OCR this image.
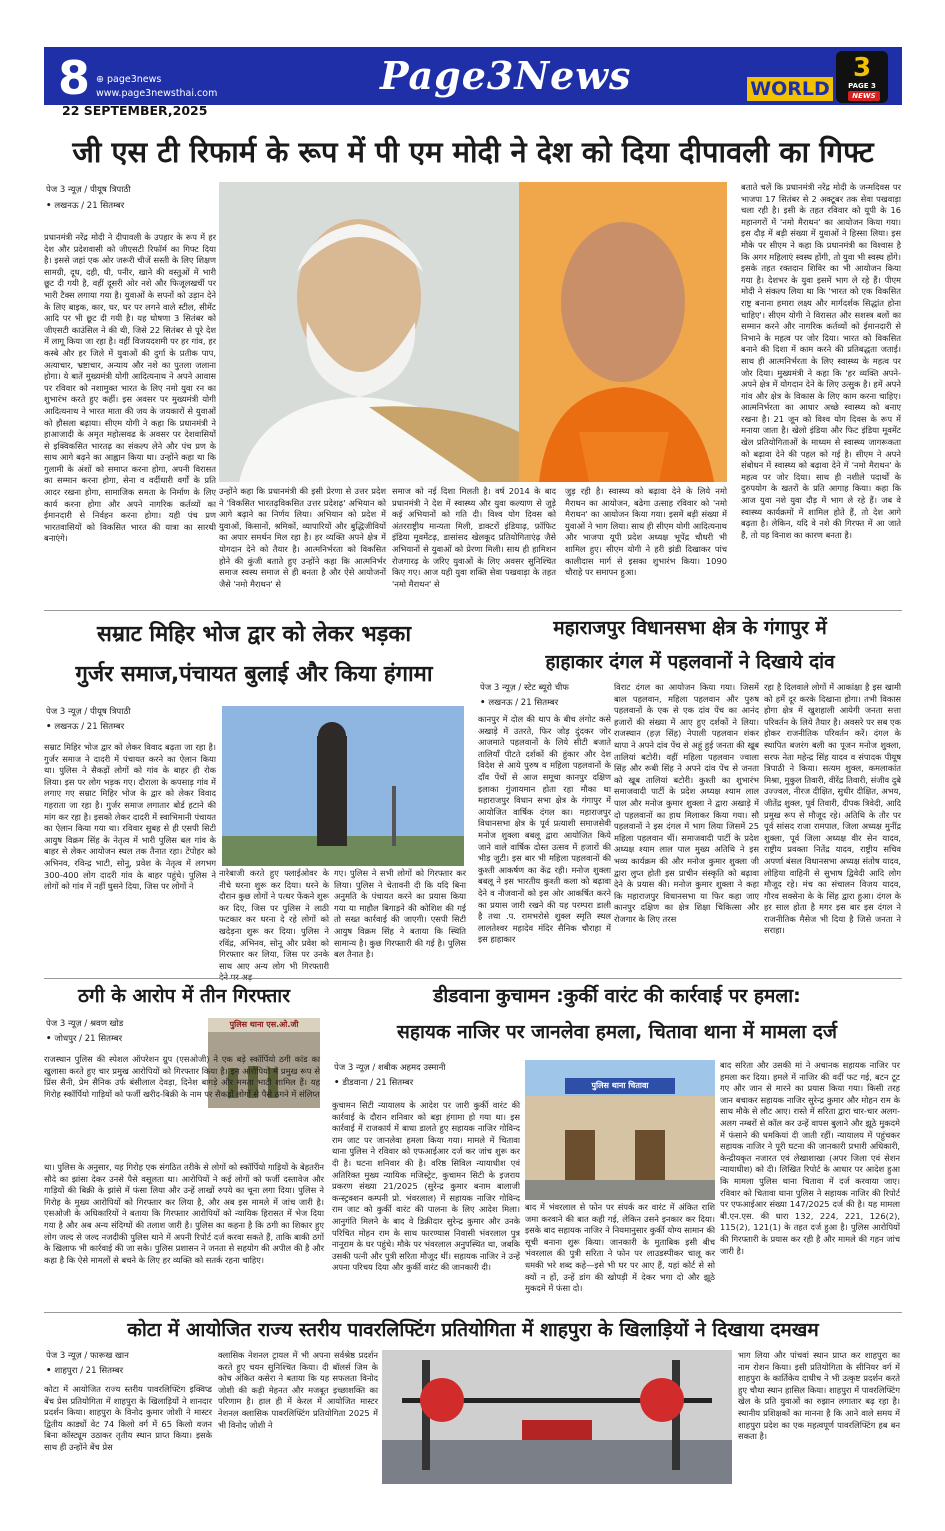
8 ⊕ page3news
www.page3newsthai.com
22 SEPTEMBER,2025
Page3News	WORLD
3
PAGE 3
NEWS
जी एस टी रिफार्म के रूप में पी एम मोदी ने देश को दिया दीपावली का गिफ्ट
पेज 3 न्यूज़ / पीयूष त्रिपाठी
• लखनऊ / 21 सितम्बर
प्रधानमंत्री नरेंद्र मोदी ने दीपावली के उपहार के रूप में हर देश और प्रदेशवासी को जीएसटी रिफॉर्म का गिफ्ट दिया है। इससे जहां एक ओर जरूरी चीजें सस्ती के लिए शिक्षण सामग्री, दूध, दही, घी, पनीर, खाने की वस्तुओं में भारी छूट दी गयी है, वहीं दूसरी ओर नशे और फिजूलखर्ची पर भारी टैक्स लगाया गया है। युवाओं के सपनों को उड़ान देने के लिए बाइक, कार, घर, घर पर लगने वाले स्टील, सीमेंट आदि पर भी छूट दी गयी है। यह घोषणा 3 सितंबर को जीएसटी काउंसिल ने की थी, जिसे 22 सितंबर से पूरे देश में लागू किया जा रहा है। वहीं विजयदशमी पर हर गांव, हर कस्बे और हर जिले में युवाओं की दुर्गा के प्रतीक पाप, अत्याचार, भ्रष्टाचार, अन्याय और नशे का पुतला जलाना होगा। ये बातें मुख्यमंत्री योगी आदित्यनाथ ने अपने आवास पर रविवार को नशामुक्त भारत के लिए नमो युवा रन का शुभारंभ करते हुए कहीं। इस अवसर पर मुख्यमंत्री योगी आदित्यनाथ ने भारत माता की जय के जयकारों से युवाओं को हौसला बढ़ाया। सीएम योगी ने कहा कि प्रधानमंत्री ने हाआजादी के अमृत महोत्सवढ के अवसर पर देशवासियों से इक्विकसित भारतढ़ का संकल्प लेने और पंच प्रण के साथ आगे बढ़ने का आह्वान किया था। उन्होंने कहा था कि गुलामी के अंशों को समाप्त करना होगा, अपनी विरासत का सम्मान करना होगा, सेना व वर्दीधारी वर्गों के प्रति आदर रखना होगा, सामाजिक समता के निर्माण के लिए कार्य करना होगा और अपने नागरिक कर्तव्यों का ईमानदारी से निर्वहन करना होगा। यही पंच प्रण भारतवासियों को विकसित भारत की यात्रा का सारथी बनाएंगे।
उन्होंने कहा कि प्रधानमंत्री की इसी प्रेरणा से उत्तर प्रदेश ने 'विकसित भारतढ़विकसित उत्तर प्रदेशढ़' अभियान को आगे बढ़ाने का निर्णय लिया। अभियान को प्रदेश में युवाओं, किसानों, श्रमिकों, व्यापारियों और बुद्धिजीवियों का अपार समर्थन मिल रहा है। हर व्यक्ति अपने क्षेत्र में योगदान देने को तैयार है। आत्मनिर्भरता को विकसित होने की कुंजी बताते हुए उन्होंने कहा कि आत्मनिर्भर समाज स्वस्थ समाज से ही बनता है और ऐसे आयोजनों जैसे 'नमो मैराथन' से
समाज को नई दिशा मिलती है। वर्ष 2014 के बाद प्रधानमंत्री ने देश में स्वास्थ्य और युवा कल्याण से जुड़े कई अभियानों को गति दी। विश्व योग दिवस को अंतरराष्ट्रीय मान्यता मिली, डाक्टरों इंडियाढ़, फ़ॉफिट इंडिया मूवमेंटढ़, डासांसद खेलकूद प्रतियोगिताएंढ़ जैसे अभियानों से युवाओं को प्रेरणा मिली। साथ ही हामिशन रोजगारढ़ के जरिए युवाओं के लिए अवसर सुनिश्चित किए गए। आज यही युवा शक्ति सेवा पखवाड़ा के तहत 'नमो मैराथन' से
जुड़ रही है। स्वास्थ्य को बढ़ावा देने के लिये नमो मैराथन का आयोजन, बढेगा उत्साह रविवार को 'नमो मैराथन' का आयोजन किया गया। इसमें बड़ी संख्या में युवाओं ने भाग लिया। साथ ही सीएम योगी आदित्यनाथ और भाजपा यूपी प्रदेश अध्यक्ष भूपेंद्र चौधरी भी शामिल हुए। सीएम योगी ने हरी झंडी दिखाकर पांच कालीदास मार्ग से इसका शुभारंभ किया। 1090 चौराहे पर समापन हुआ।
बताते चलें कि प्रधानमंत्री नरेंद्र मोदी के जन्मदिवस पर भाजपा 17 सितंबर से 2 अक्टूबर तक सेवा पखवाड़ा चला रही है। इसी के तहत रविवार को यूपी के 16 महानगरों में 'नमो मैराथन' का आयोजन किया गया। इस दौड़ में बड़ी संख्या में युवाओं ने हिस्सा लिया। इस मौके पर सीएम ने कहा कि प्रधानमंत्री का विश्वास है कि अगर महिलाएं स्वस्थ होंगी, तो युवा भी स्वस्थ होंगे। इसके तहत रक्तदान शिविर का भी आयोजन किया गया है। देशभर के युवा इसमें भाग ले रहे हैं। पीएम मोदी ने संकल्प लिया था कि 'भारत को एक विकसित राष्ट्र बनाना हमारा लक्ष्य और मार्गदर्शक सिद्धांत होना चाहिए'। सीएम योगी ने विरासत और सशस्त्र बलों का सम्मान करने और नागरिक कर्तव्यों को ईमानदारी से निभाने के महत्व पर जोर दिया। भारत को विकसित बनाने की दिशा में काम करने की प्रतिबद्धता जताई। साथ ही आत्मनिर्भरता के लिए स्वास्थ्य के महत्व पर जोर दिया। मुख्यमंत्री ने कहा कि 'हर व्यक्ति अपने-अपने क्षेत्र में योगदान देने के लिए उत्सुक है। हमें अपने गांव और क्षेत्र के विकास के लिए काम करना चाहिए। आत्मनिर्भरता का आधार अच्छे स्वास्थ्य को बनाए रखना है। 21 जून को विश्व योग दिवस के रूप में मनाया जाता है। खेलो इंडिया और फिट इंडिया मूवमेंट खेल प्रतियोगिताओं के माध्यम से स्वास्थ्य जागरूकता को बढ़ावा देने की पहल को गई है। सीएम ने अपने संबोधन में स्वास्थ्य को बढ़ावा देने में 'नमो मैराथन' के महत्व पर जोर दिया। साथ ही नशीले पदार्थों के दुरुपयोग के खतरों के प्रति आगाह किया। कहा कि आज युवा नशे युवा दौड़ में भाग ले रहे हैं। जब वे स्वास्थ्य कार्यक्रमों में शामिल होते हैं, तो देश आगे बढ़ता है। लेकिन, यदि वे नशे की गिरफ्त में आ जाते हैं, तो यह विनाश का कारण बनता है।
सम्राट मिहिर भोज द्वार को लेकर भड़का
गुर्जर समाज,पंचायत बुलाई और किया हंगामा
पेज 3 न्यूज़ / पीयूष त्रिपाठी
• लखनऊ / 21 सितम्बर
सम्राट मिहिर भोज द्वार को लेकर विवाद बढ़ता जा रहा है। गुर्जर समाज ने दादरी में पंचायत करने का ऐलान किया था। पुलिस ने सैकड़ों लोगों को गांव के बाहर ही रोक लिया। इस पर लोग भड़क गए। दौराला के कपसाड़ गांव में लगाए गए सम्राट मिहिर भोज के द्वार को लेकर विवाद गहराता जा रहा है। गुर्जर समाज लगातार बोर्ड हटाने की मांग कर रहा है। इसको लेकर दादरी में स्वाभिमानी पंचायत का ऐलान किया गया था। रविवार सुबह से ही एसपी सिटी आयुष विक्रम सिंह के नेतृत्व में भारी पुलिस बल गांव के बाहर से लेकर आयोजन स्थल तक तैनात रहा। टेंपोहर को अभिनव, रविन्द्र भाटी, सोनू, प्रवेश के नेतृत्व में लगभग 300-400 लोग दादरी गांव के बाहर पहुंचे। पुलिस ने लोगों को गांव में नहीं घुसने दिया, जिस पर लोगों ने
नारेबाजी करते हुए फ्लाईओवर के नीचे धरना शुरू कर दिया। धरने के दौरान कुछ लोगों ने पत्थर फेंकने शुरू कर दिए, जिस पर पुलिस ने लाठी फटकार कर धरना दे रहे लोगों को खदेड़ना शुरू कर दिया। पुलिस ने रविंद्र, अभिनव, सोनू और प्रवेश को गिरफ्तार कर लिया, जिस पर उनके साथ आए अन्य लोग भी गिरफ्तारी
गए। पुलिस ने सभी लोगों को गिरफ्तार कर लिया। पुलिस ने चेतावनी दी कि यदि बिना अनुमति के पंचायत करने का प्रयास किया गया या माहौल बिगाड़ने की कोशिश की गई तो सख्त कार्रवाई की जाएगी। एसपी सिटी आयुष विक्रम सिंह ने बताया कि स्थिति सामान्य है। कुछ गिरफ्तारी की गई है। पुलिस बल तैनात है।
महाराजपुर विधानसभा क्षेत्र के गंगापुर में
हाहाकार दंगल में पहलवानों ने दिखाये दांव
पेज 3 न्यूज़ / स्टेट ब्यूरो चीफ
• लखनऊ / 21 सितम्बर
कानपुर में दोल की थाप के बीच लंगोट कसे अखाड़े में उतरते, फिर जोड़ दुंदकर जोर आजमाते पहलवानों के लिये सीटी बजाते तालियाँ पीटते दर्शकों की हुंकार और देश विदेश से आये पुरुष व महिला पहलवानों के दाँव पेंचों से आज समूचा कानपुर दक्षिण इलाका गुंजायमान होता रहा मौका था महाराजपुर विधान सभा क्षेत्र के गंगापुर में आयोजित वार्षिक दंगल का। महाराजपुर विधानसभा क्षेत्र के पूर्व प्रत्याशी समाजसेवी मनोज शुक्ला बबलू द्वारा आयोजित किये जाने वाले वार्षिक दोस्त उत्सव में हजारों की भीड़ जुटी। इस बार भी महिला पहलवानों की कुश्ती आकर्षण का केंद्र रही। मनोज शुक्ला बबलू ने इस भारतीय कुश्ती कला को बढ़ावा देने व नौजवानों को इस ओर आकर्षित करने का प्रयास जारी रखने की यह परम्परा डाली है तथा .प. रामभरोसे शुक्ल स्मृति स्थल लालतेश्वर महादेव मंदिर सैनिक चौराहा में इस हाहाकार
विराट दंगल का आयोजन किया गया। जिसमें बाल पहलवान, महिला पहलवान और पुरुष पहलवानों के एक से एक दांव पेंच का आनंद हजारों की संख्या में आए हुए दर्शकों ने लिया। राजस्थान (हज़ सिंह) नेपाली पहलवान शंकर थापा ने अपने दांव पेंच से अहूं हुई जनता की खूब तालियां बटोरी। वहीं महिला पहलवान ज्वाला सिंह और रूबी सिंह ने अपने दांव पेंच से जनता को खूब तालियां बटोरी। कुश्ती का शुभारंभ समाजवादी पार्टी के प्रदेश अध्यक्ष श्याम लाल पाल और मनोज कुमार शुक्ला ने द्वारा अखाड़े में दो पहलवानों का हाथ मिलाकर किया गया। सौ पहलवानों ने इस दंगल में भाग लिया जिसमें 25 महिला पहलवान थीं। समाजवादी पार्टी के प्रदेश अध्यक्ष श्याम लाल पाल मुख्य अतिथि ने इस भव्य कार्यक्रम की और मनोज कुमार शुक्ला जी द्वारा लुप्त होती इस प्राचीन संस्कृति को बढ़ावा देने के प्रयास की। मनोज कुमार शुक्ला ने कहा कि महाराजपुर विधानसभा या फिर कहा जाए कानपुर दक्षिण का क्षेत्र शिक्षा चिकित्सा और रोजगार के लिए तरस
रहा है दिलवाले लोगों में आकांक्षा है इस खामी को हमें दूर करके दिखाना होगा। तभी विकास होगा क्षेत्र में खुशहाली आयेगी जनता सत्ता परिवर्तन के लिये तैयार है। अवसरे पर सब एक होकर राजनीतिक परिवर्तन करें। दंगल के स्थापित बजरंग बली का पूजन मनोज शुक्ला, सरफ नेता महेन्द्र सिंह यादव व संपादक पीयूष त्रिपाठी ने किया। सत्यम शुक्ल, कमलाकांत मिश्रा, मुकुल तिवारी, वीरेंद्र तिवारी, संजीव दुबे उज्ज्वल, नीरज दीक्षित, सुधीर दीक्षित, अभय, जीतेंद्र शुक्ल, पूर्व तिवारी, दीपक त्रिवेदी, आदि प्रमुख रूप से मौजूद रहे। अतिथि के तौर पर पूर्व सांसद राजा रामपाल, जिला अध्यक्ष मुनींद्र शुक्ला, पूर्व जिला अध्यक्ष वीर सेन यादव, राष्ट्रीय प्रवक्ता नितेंद्र यादव, राष्ट्रीय सचिव अपर्णा बंसल विधानसभा अध्यक्ष संतोष यादव, लोहिया वाहिनी से सुभाष द्विवेदी आदि लोग मौजूद रहे। मंच का संचालन विजय यादव, गौरव सक्सेना के के सिंह द्वारा हुआ। दंगल के हर साल होता है मगर इस बार इस दंगल ने राजनीतिक मैसेज भी दिया है जिसे जनता ने सराहा।
ठगी के आरोप में तीन गिरफ्तार
पेज 3 न्यूज़ / श्रवण खोड
• जोधपुर / 21 सितम्बर
पुलिस थाना एस.ओ.जी
राजस्थान पुलिस की स्पेशल ऑपरेशन ग्रुप (एसओजी) ने एक बड़े स्कॉर्पियो ठगी कांड का खुलासा करते हुए चार प्रमुख आरोपियों को गिरफ्तार किया है। इन आरोपियों में प्रमुख रूप से प्रिंस सैनी, प्रेम सैनिक उर्फ बंसीलाल देवड़ा, दिनेश बागड़े और ममता भाटी शामिल हैं। यह गिरोह स्कॉर्पियो गाड़ियों को फर्जी खरीद-बिक्री के नाम पर सैकड़ों लोगों से पैसे ठगने में संलिप्त
था। पुलिस के अनुसार, यह गिरोह एक संगठित तरीके से लोगों को स्कॉर्पियो गाड़ियों के बेहतरीन सौदे का झांसा देकर उनसे पैसे वसूलता था। आरोपियों ने कई लोगों को फर्जी दस्तावेज और गाड़ियों की बिक्री के झांसे में फंसा लिया और उन्हें लाखों रुपये का चूना लगा दिया। पुलिस ने गिरोह के मुख्य आरोपियों को गिरफ्तार कर लिया है, और अब इस मामले में जांच जारी है। एसओजी के अधिकारियों ने बताया कि गिरफ्तार आरोपियों को न्यायिक हिरासत में भेज दिया गया है और अब अन्य संदिग्धों की तलाश जारी है। पुलिस का कहना है कि ठगी का शिकार हुए लोग जल्द से जल्द नजदीकी पुलिस थाने में अपनी रिपोर्ट दर्ज करवा सकते हैं, ताकि बाकी ठगों के खिलाफ भी कार्रवाई की जा सके। पुलिस प्रशासन ने जनता से सहयोग की अपील की है और कहा है कि ऐसे मामलों से बचने के लिए हर व्यक्ति को सतर्क रहना चाहिए।
डीडवाना कुचामन :कुर्की वारंट की कार्रवाई पर हमला:
सहायक नाजिर पर जानलेवा हमला, चितावा थाना में मामला दर्ज
पेज 3 न्यूज़ / शबीक अहमद उस्मानी
• डीडवाना / 21 सितम्बर
कुचामन सिटी न्यायालय के आदेश पर जारी कुर्की वारंट की कार्रवाई के दौरान शनिवार को बड़ा हंगामा हो गया था। इस कार्रवाई में राजकार्य में बाधा डालते हुए सहायक नाजिर गोविन्द राम जाट पर जानलेवा हमला किया गया। मामले में चितावा थाना पुलिस ने रविवार को एफआईआर दर्ज कर जांच शुरू कर दी है। घटना शनिवार की है। वरिष्ठ सिविल न्यायाधीश एवं अतिरिक्त मुख्य न्यायिक मजिस्ट्रेट, कुचामन सिटी के इजराय प्रकरण संख्या 21/2025 (सुरेन्द्र कुमार बनाम बालाजी कन्स्ट्रक्शन कम्पनी प्रो. भंवरलाल) में सहायक नाजिर गोविन्द राम जाट को कुर्की वारंट की पालना के लिए आदेश मिला। आनुगंति मिलने के बाद वे डिक्रीदार सुरेन्द्र कुमार और उनके परिचित मोहन राम के साथ फारण्यास निवासी भंवरलाल पुत्र नानूराम के घर पहुंचे। मौके पर भंवरलाल अनुपस्थित था, जबकि उसकी पत्नी और पुत्री सरिता मौजूद थीं। सहायक नाजिर ने उन्हें अपना परिचय दिया और कुर्की वारंट की जानकारी दी।
पुलिस थाना चितावा
बाद में भंवरलाल से फोन पर संपर्क कर वारंट में अंकित राशि जमा करवाने की बात कही गई, लेकिन उसने इनकार कर दिया। इसके बाद सहायक नाजिर ने नियमानुसार कुर्की योग्य सामान की सूची बनाना शुरू किया। जानकारी के मुताबिक इसी बीच भंवरलाल की पुत्री सरिता ने फोन पर लाउडस्पीकर चालू कर धमकी भरे शब्द कहे—इसे भी घर पर आए हैं, यहां कोर्ट से सो क्यों न हों, उन्हें डांग की खोपड़ी में देकर भगा दो और झूठे मुकदमे में फंसा दो।
बाद सरिता और उसकी मां ने अचानक सहायक नाजिर पर हमला कर दिया। हमले में नाजिर की वर्दी फट गई, बटन टूट गए और जान से मारने का प्रयास किया गया। किसी तरह जान बचाकर सहायक नाजिर सुरेन्द्र कुमार और मोहन राम के साथ मौके से लौट आए। रास्ते में सरिता द्वारा चार-चार अलग-अलग नम्बरों से कॉल कर उन्हें वापस बुलाने और झूठे मुकदमे में फंसाने की धमकियां दी जाती रहीं। न्यायालय में पहुंचकर सहायक नाजिर ने पूरी घटना की जानकारी प्रभारी अधिकारी, केन्द्रीयकृत नजारत एवं लेखाशाखा (अपर जिला एवं सेशन न्यायाधीश) को दी। लिखित रिपोर्ट के आधार पर आदेश हुआ कि मामला पुलिस थाना चितावा में दर्ज करवाया जाए। रविवार को चितावा थाना पुलिस ने सहायक नाजिर की रिपोर्ट पर एफआईआर संख्या 147/2025 दर्ज की है। यह मामला बी.एन.एस. की धारा 132, 224, 221, 126(2), 115(2), 121(1) के तहत दर्ज हुआ है। पुलिस आरोपियों की गिरफ्तारी के प्रयास कर रही है और मामले की गहन जांच जारी है।
कोटा में आयोजित राज्य स्तरीय पावरलिफ्टिंग प्रतियोगिता में शाहपुरा के खिलाड़ियों ने दिखाया दमखम
पेज 3 न्यूज़ / फारूख खान
• शाहपुरा / 21 सितम्बर
कोटा में आयोजित राज्य स्तरीय पावरलिफ्टिंग इक्विप्ड बेंच प्रेस प्रतियोगिता में शाहपुरा के खिलाड़ियों ने शानदार प्रदर्शन किया। शाहपुरा के विनोद कुमार जोशी ने मास्टर द्वितीय कार्ड्यो वेट 74 किलो वर्ग में 65 किलो वजन बिना कॉस्ट्यूम उठाकर तृतीय स्थान प्राप्त किया। इसके साथ ही उन्होंने बेंच प्रेस
क्लासिक नेशनल ट्रायल में भी अपना सर्वश्रेष्ठ प्रदर्शन करते हुए चयन सुनिश्चित किया। दी बॉलर्स जिम के कोच अंकित कसेरा ने बताया कि यह सफलता विनोद जोशी की कड़ी मेहनत और मजबूत इच्छाशक्ति का परिणाम है। हाल ही में केरल में आयोजित मास्टर नेशनल क्लासिक पावरलिफ्टिंग प्रतियोगिता 2025 में भी विनोद जोशी ने
भाग लिया और पांचवां स्थान प्राप्त कर शाहपुरा का नाम रोशन किया। इसी प्रतियोगिता के सीनियर वर्ग में शाहपुरा के कार्तिकेय दाधीच ने भी उत्कृष्ट प्रदर्शन करते हुए चौथा स्थान हासिल किया। शाहपुरा में पावरलिफ्टिंग खेल के प्रति युवाओं का रुझान लगातार बढ़ रहा है। स्थानीय प्रशिक्षकों का मानना है कि आने वाले समय में शाहपुरा प्रदेश का एक महत्वपूर्ण पावरलिफ्टिंग हब बन सकता है।
